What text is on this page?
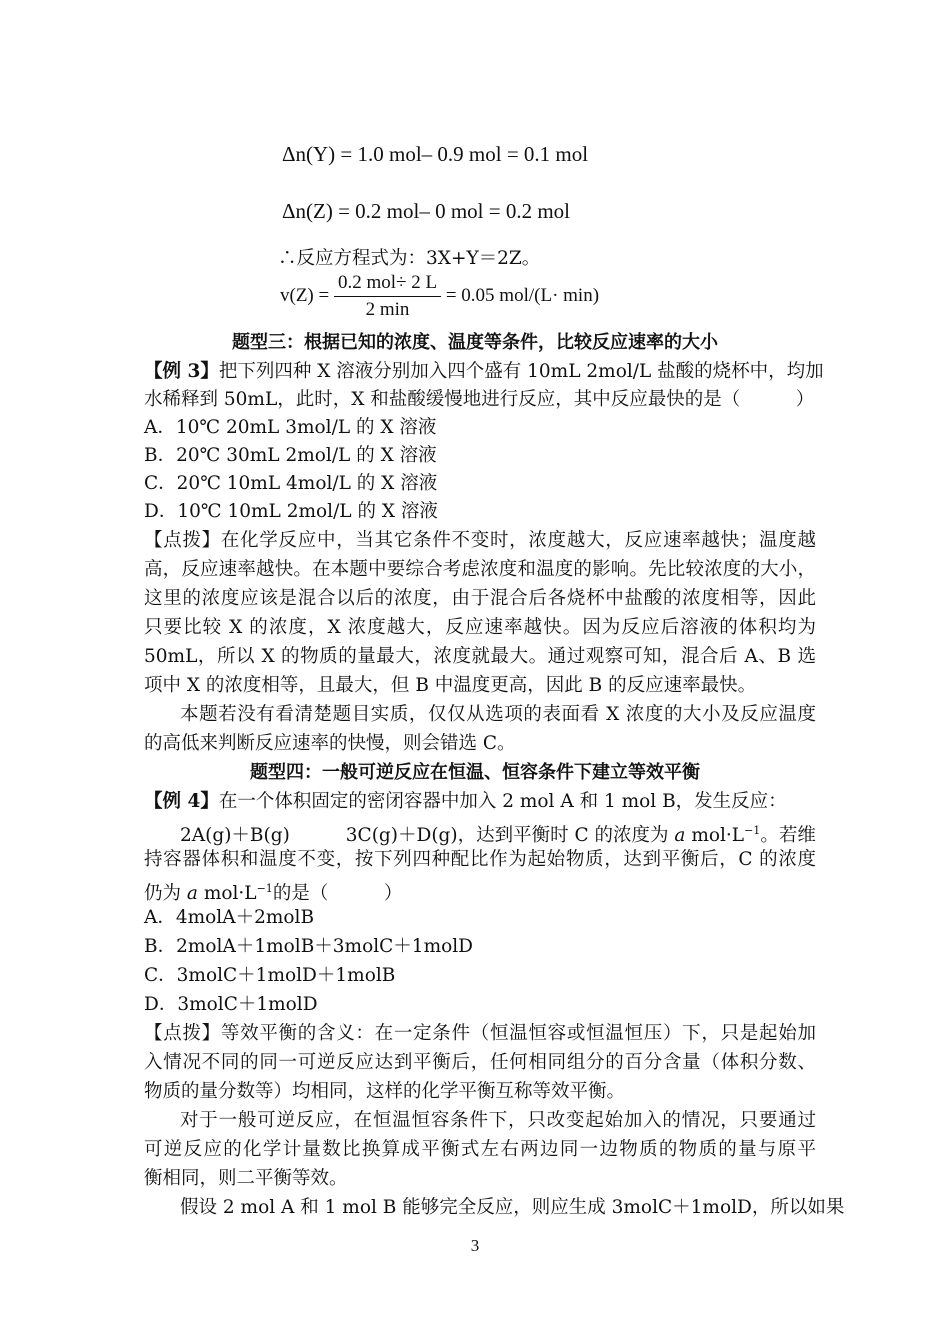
Δn(Y) = 1.0 mol– 0.9 mol = 0.1 mol
Δn(Z) = 0.2 mol– 0 mol = 0.2 mol
∴反应方程式为：3X+Y＝2Z。
$v(Z) = \frac{\text{0.2 mol÷ 2 L}}{2 \min} = 0.05$ mol/(L· min)
题型三：根据已知的浓度、温度等条件，比较反应速率的大小
【例 3】把下列四种 X 溶液分别加入四个盛有 10mL 2mol/L 盐酸的烧杯中，均加
水稀释到 50mL，此时，X 和盐酸缓慢地进行反应，其中反应最快的是（　　　）
A．10℃ 20mL 3mol/L 的 X 溶液
B．20℃ 30mL 2mol/L 的 X 溶液
C．20℃ 10mL 4mol/L 的 X 溶液
D．10℃ 10mL 2mol/L 的 X 溶液
【点拨】在化学反应中，当其它条件不变时，浓度越大，反应速率越快；温度越
高，反应速率越快。在本题中要综合考虑浓度和温度的影响。先比较浓度的大小，
这里的浓度应该是混合以后的浓度，由于混合后各烧杯中盐酸的浓度相等，因此
只要比较 X 的浓度，X 浓度越大，反应速率越快。因为反应后溶液的体积均为
50mL，所以 X 的物质的量最大，浓度就最大。通过观察可知，混合后 A、B 选
项中 X 的浓度相等，且最大，但 B 中温度更高，因此 B 的反应速率最快。
本题若没有看清楚题目实质，仅仅从选项的表面看 X 浓度的大小及反应温度
的高低来判断反应速率的快慢，则会错选 C。
题型四：一般可逆反应在恒温、恒容条件下建立等效平衡
【例 4】在一个体积固定的密闭容器中加入 2 mol A 和 1 mol B，发生反应：
2A(g)＋B(g)	3C(g)＋D(g)，达到平衡时 C 的浓度为 a $mol\cdot L^{-1}$。若维
持容器体积和温度不变，按下列四种配比作为起始物质，达到平衡后，C 的浓度
仍为 a $mol\cdot L^{-1}$的是（　　　）
A．4molA＋2molB
B．2molA＋1molB＋3molC＋1molD
C．3molC＋1molD＋1molB
D．3molC＋1molD
【点拨】等效平衡的含义：在一定条件（恒温恒容或恒温恒压）下，只是起始加
入情况不同的同一可逆反应达到平衡后，任何相同组分的百分含量（体积分数、
物质的量分数等）均相同，这样的化学平衡互称等效平衡。
对于一般可逆反应，在恒温恒容条件下，只改变起始加入的情况，只要通过
可逆反应的化学计量数比换算成平衡式左右两边同一边物质的物质的量与原平
衡相同，则二平衡等效。
假设 2 mol A 和 1 mol B 能够完全反应，则应生成 3molC＋1molD，所以如果
3
